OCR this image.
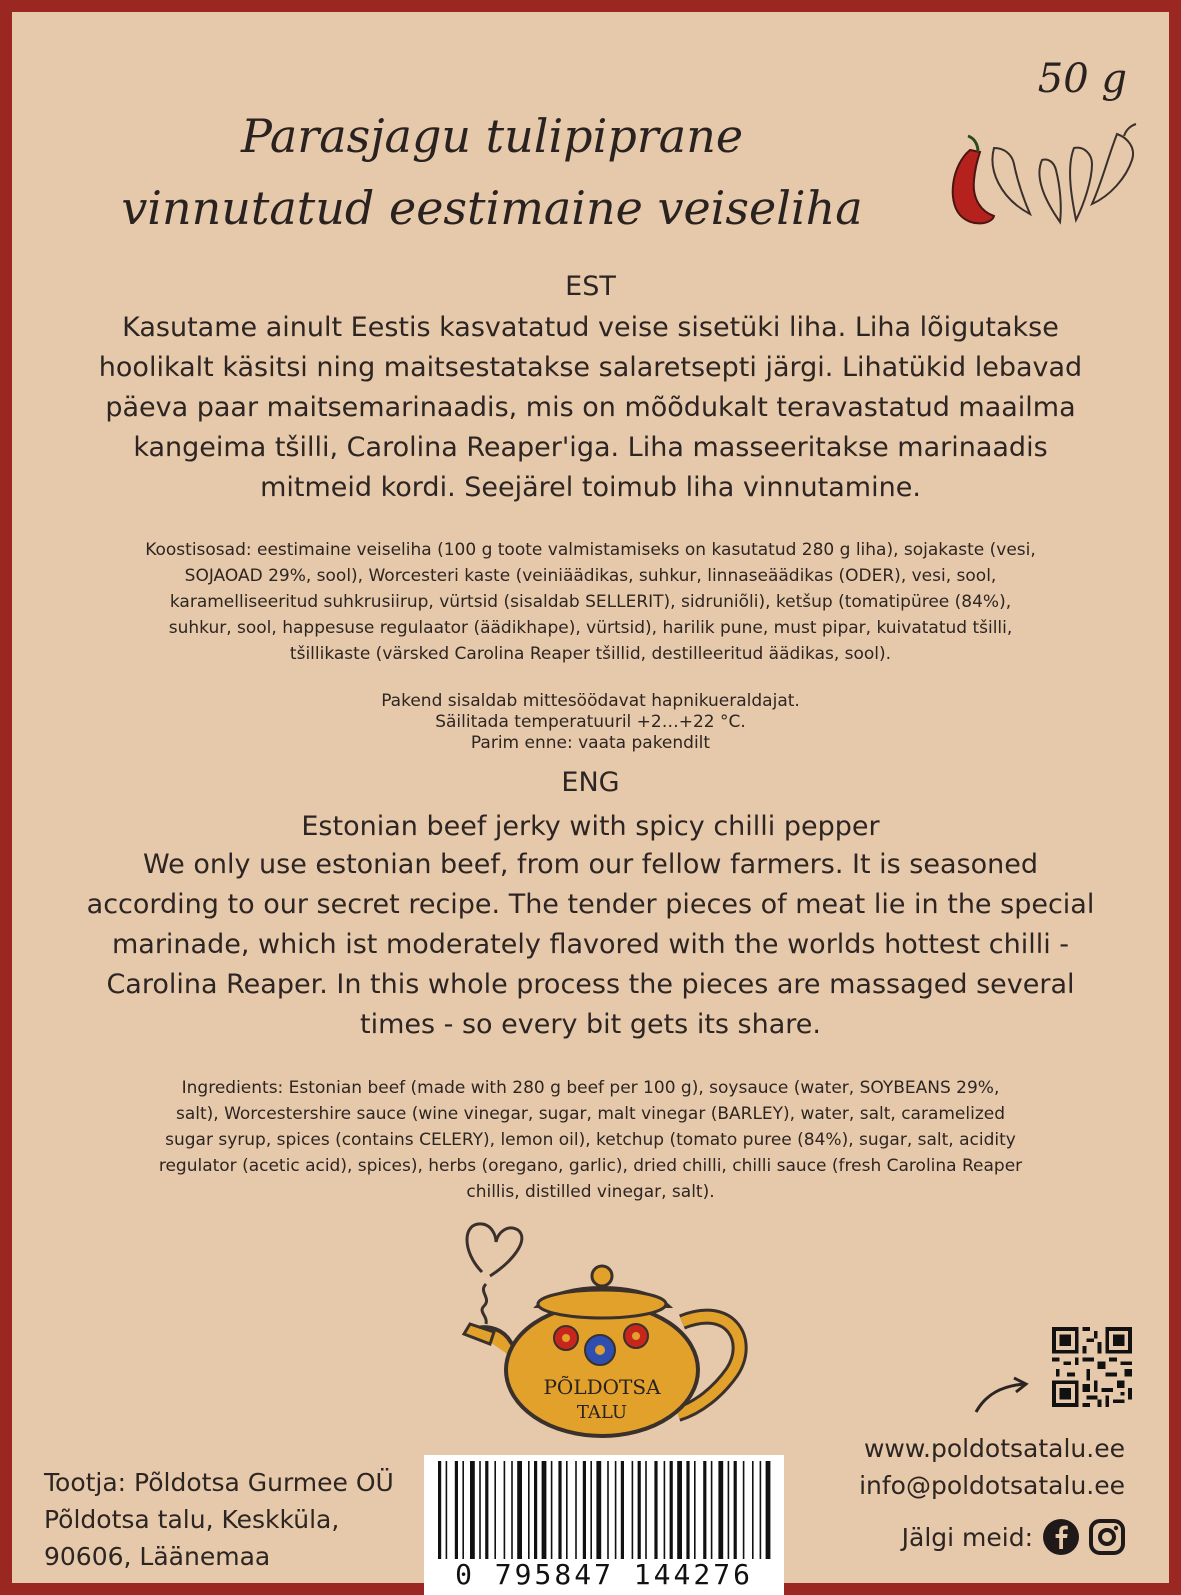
Parasjagu tulipiprane
vinnutatud eestimaine veiseliha
50 g
EST
Kasutame ainult Eestis kasvatatud veise sisetüki liha. Liha lõigutakse
hoolikalt käsitsi ning maitsestatakse salaretsepti järgi. Lihatükid lebavad
päeva paar maitsemarinaadis, mis on mõõdukalt teravastatud maailma
kangeima tšilli, Carolina Reaper'iga. Liha masseeritakse marinaadis
mitmeid kordi. Seejärel toimub liha vinnutamine.
Koostisosad: eestimaine veiseliha (100 g toote valmistamiseks on kasutatud 280 g liha), sojakaste (vesi,
SOJAOAD 29%, sool), Worcesteri kaste (veiniäädikas, suhkur, linnaseäädikas (ODER), vesi, sool,
karamelliseeritud suhkrusiirup, vürtsid (sisaldab SELLERIT), sidruniõli), ketšup (tomatipüree (84%),
suhkur, sool, happesuse regulaator (äädikhape), vürtsid), harilik pune, must pipar, kuivatatud tšilli,
tšillikaste (värsked Carolina Reaper tšillid, destilleeritud äädikas, sool).
Pakend sisaldab mittesöödavat hapnikueraldajat.
Säilitada temperatuuril +2…+22 °C.
Parim enne: vaata pakendilt
ENG
Estonian beef jerky with spicy chilli pepper
We only use estonian beef, from our fellow farmers. It is seasoned
according to our secret recipe. The tender pieces of meat lie in the special
marinade, which ist moderately flavored with the worlds hottest chilli -
Carolina Reaper. In this whole process the pieces are massaged several
times - so every bit gets its share.
Ingredients: Estonian beef (made with 280 g beef per 100 g), soysauce (water, SOYBEANS 29%,
salt), Worcestershire sauce (wine vinegar, sugar, malt vinegar (BARLEY), water, salt, caramelized
sugar syrup, spices (contains CELERY), lemon oil), ketchup (tomato puree (84%), sugar, salt, acidity
regulator (acetic acid), spices), herbs (oregano, garlic), dried chilli, chilli sauce (fresh Carolina Reaper
chillis, distilled vinegar, salt).
PÕLDOTSA
TALU
Tootja: Põldotsa Gurmee OÜ
Põldotsa talu, Keskküla,
90606, Läänemaa
0 795847 144276
www.poldotsatalu.ee
info@poldotsatalu.ee
Jälgi meid:
